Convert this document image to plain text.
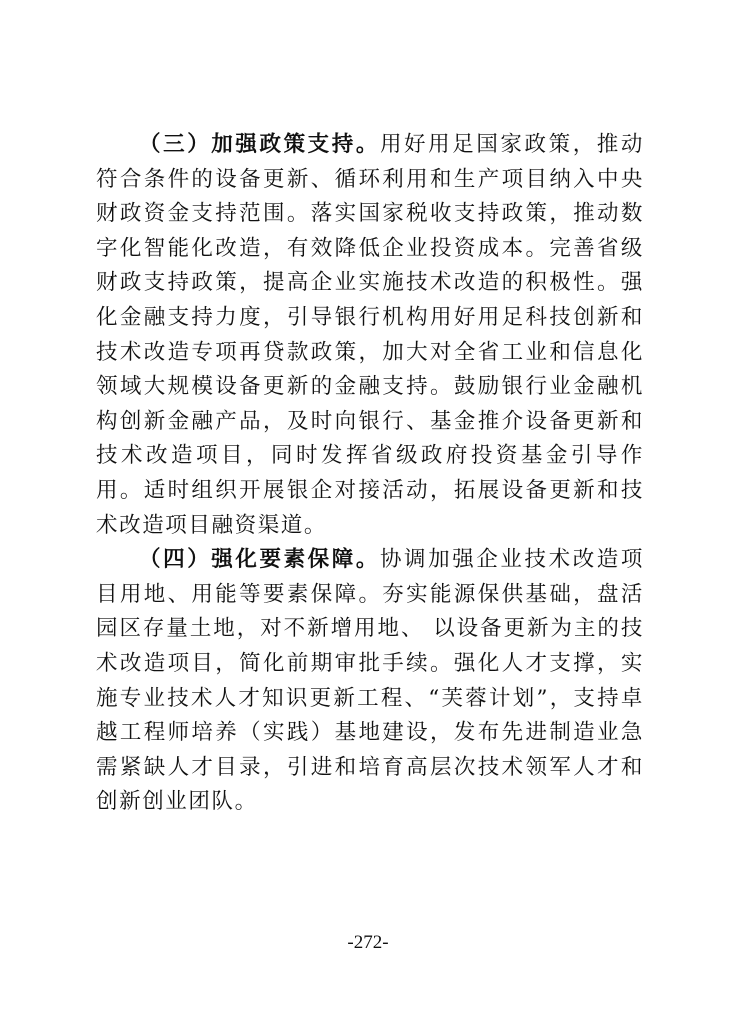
（三）加强政策支持。用好用足国家政策，推动符合条件的设备更新、循环利用和生产项目纳入中央财政资金支持范围。落实国家税收支持政策，推动数字化智能化改造，有效降低企业投资成本。完善省级财政支持政策，提高企业实施技术改造的积极性。强化金融支持力度，引导银行机构用好用足科技创新和技术改造专项再贷款政策，加大对全省工业和信息化领域大规模设备更新的金融支持。鼓励银行业金融机构创新金融产品，及时向银行、基金推介设备更新和技术改造项目，同时发挥省级政府投资基金引导作用。适时组织开展银企对接活动，拓展设备更新和技术改造项目融资渠道。

（四）强化要素保障。协调加强企业技术改造项目用地、用能等要素保障。夯实能源保供基础，盘活园区存量土地，对不新增用地、 以设备更新为主的技术改造项目，简化前期审批手续。强化人才支撑，实施专业技术人才知识更新工程、“芙蓉计划”，支持卓越工程师培养（实践）基地建设，发布先进制造业急需紧缺人才目录，引进和培育高层次技术领军人才和创新创业团队。

-272-
